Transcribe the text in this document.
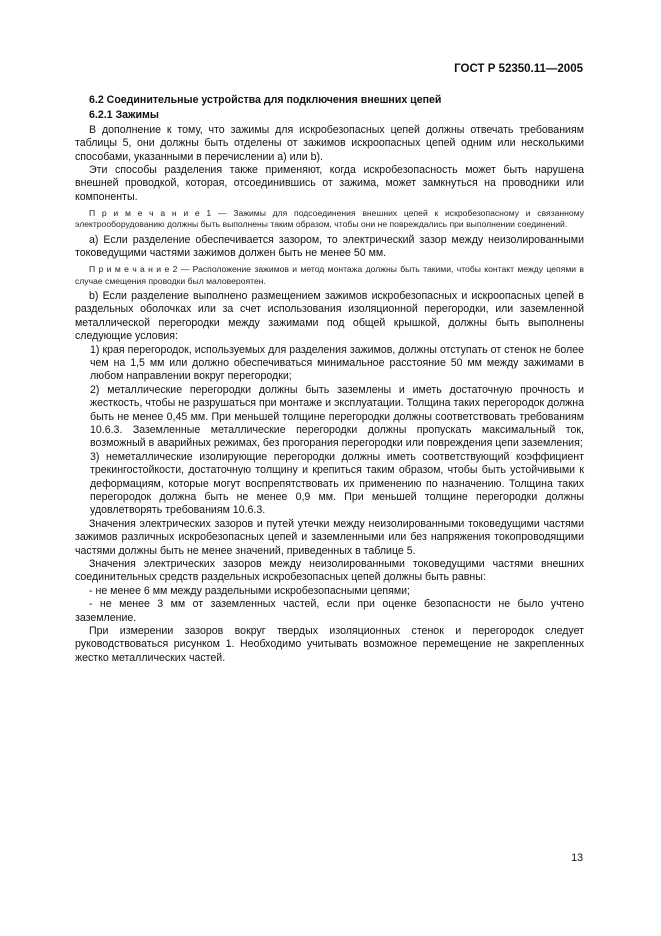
ГОСТ Р 52350.11—2005

6.2 Соединительные устройства для подключения внешних цепей

6.2.1 Зажимы

В дополнение к тому, что зажимы для искробезопасных цепей должны отвечать требованиям таблицы 5, они должны быть отделены от зажимов искроопасных цепей одним или несколькими способами, указанными в перечислении а) или b).

Эти способы разделения также применяют, когда искробезопасность может быть нарушена внешней проводкой, которая, отсоединившись от зажима, может замкнуться на проводники или компоненты.

П р и м е ч а н и е 1 — Зажимы для подсоединения внешних цепей к искробезопасному и связанному электрооборудованию должны быть выполнены таким образом, чтобы они не повреждались при выполнении соединений.

a) Если разделение обеспечивается зазором, то электрический зазор между неизолированными токоведущими частями зажимов должен быть не менее 50 мм.

П р и м е ч а н и е 2 — Расположение зажимов и метод монтажа должны быть такими, чтобы контакт между цепями в случае смещения проводки был маловероятен.

b) Если разделение выполнено размещением зажимов искробезопасных и искроопасных цепей в раздельных оболочках или за счет использования изоляционной перегородки, или заземленной металлической перегородки между зажимами под общей крышкой, должны быть выполнены следующие условия:

1) края перегородок, используемых для разделения зажимов, должны отступать от стенок не более чем на 1,5 мм или должно обеспечиваться минимальное расстояние 50 мм между зажимами в любом направлении вокруг перегородки;

2) металлические перегородки должны быть заземлены и иметь достаточную прочность и жесткость, чтобы не разрушаться при монтаже и эксплуатации. Толщина таких перегородок должна быть не менее 0,45 мм. При меньшей толщине перегородки должны соответствовать требованиям 10.6.3. Заземленные металлические перегородки должны пропускать максимальный ток, возможный в аварийных режимах, без прогорания перегородки или повреждения цепи заземления;

3) неметаллические изолирующие перегородки должны иметь соответствующий коэффициент трекингостойкости, достаточную толщину и крепиться таким образом, чтобы быть устойчивыми к деформациям, которые могут воспрепятствовать их применению по назначению. Толщина таких перегородок должна быть не менее 0,9 мм. При меньшей толщине перегородки должны удовлетворять требованиям 10.6.3.

Значения электрических зазоров и путей утечки между неизолированными токоведущими частями зажимов различных искробезопасных цепей и заземленными или без напряжения токопроводящими частями должны быть не менее значений, приведенных в таблице 5.

Значения электрических зазоров между неизолированными токоведущими частями внешних соединительных средств раздельных искробезопасных цепей должны быть равны:

- не менее 6 мм между раздельными искробезопасными цепями;

- не менее 3 мм от заземленных частей, если при оценке безопасности не было учтено заземление.

При измерении зазоров вокруг твердых изоляционных стенок и перегородок следует руководствоваться рисунком 1. Необходимо учитывать возможное перемещение не закрепленных жестко металлических частей.

13
